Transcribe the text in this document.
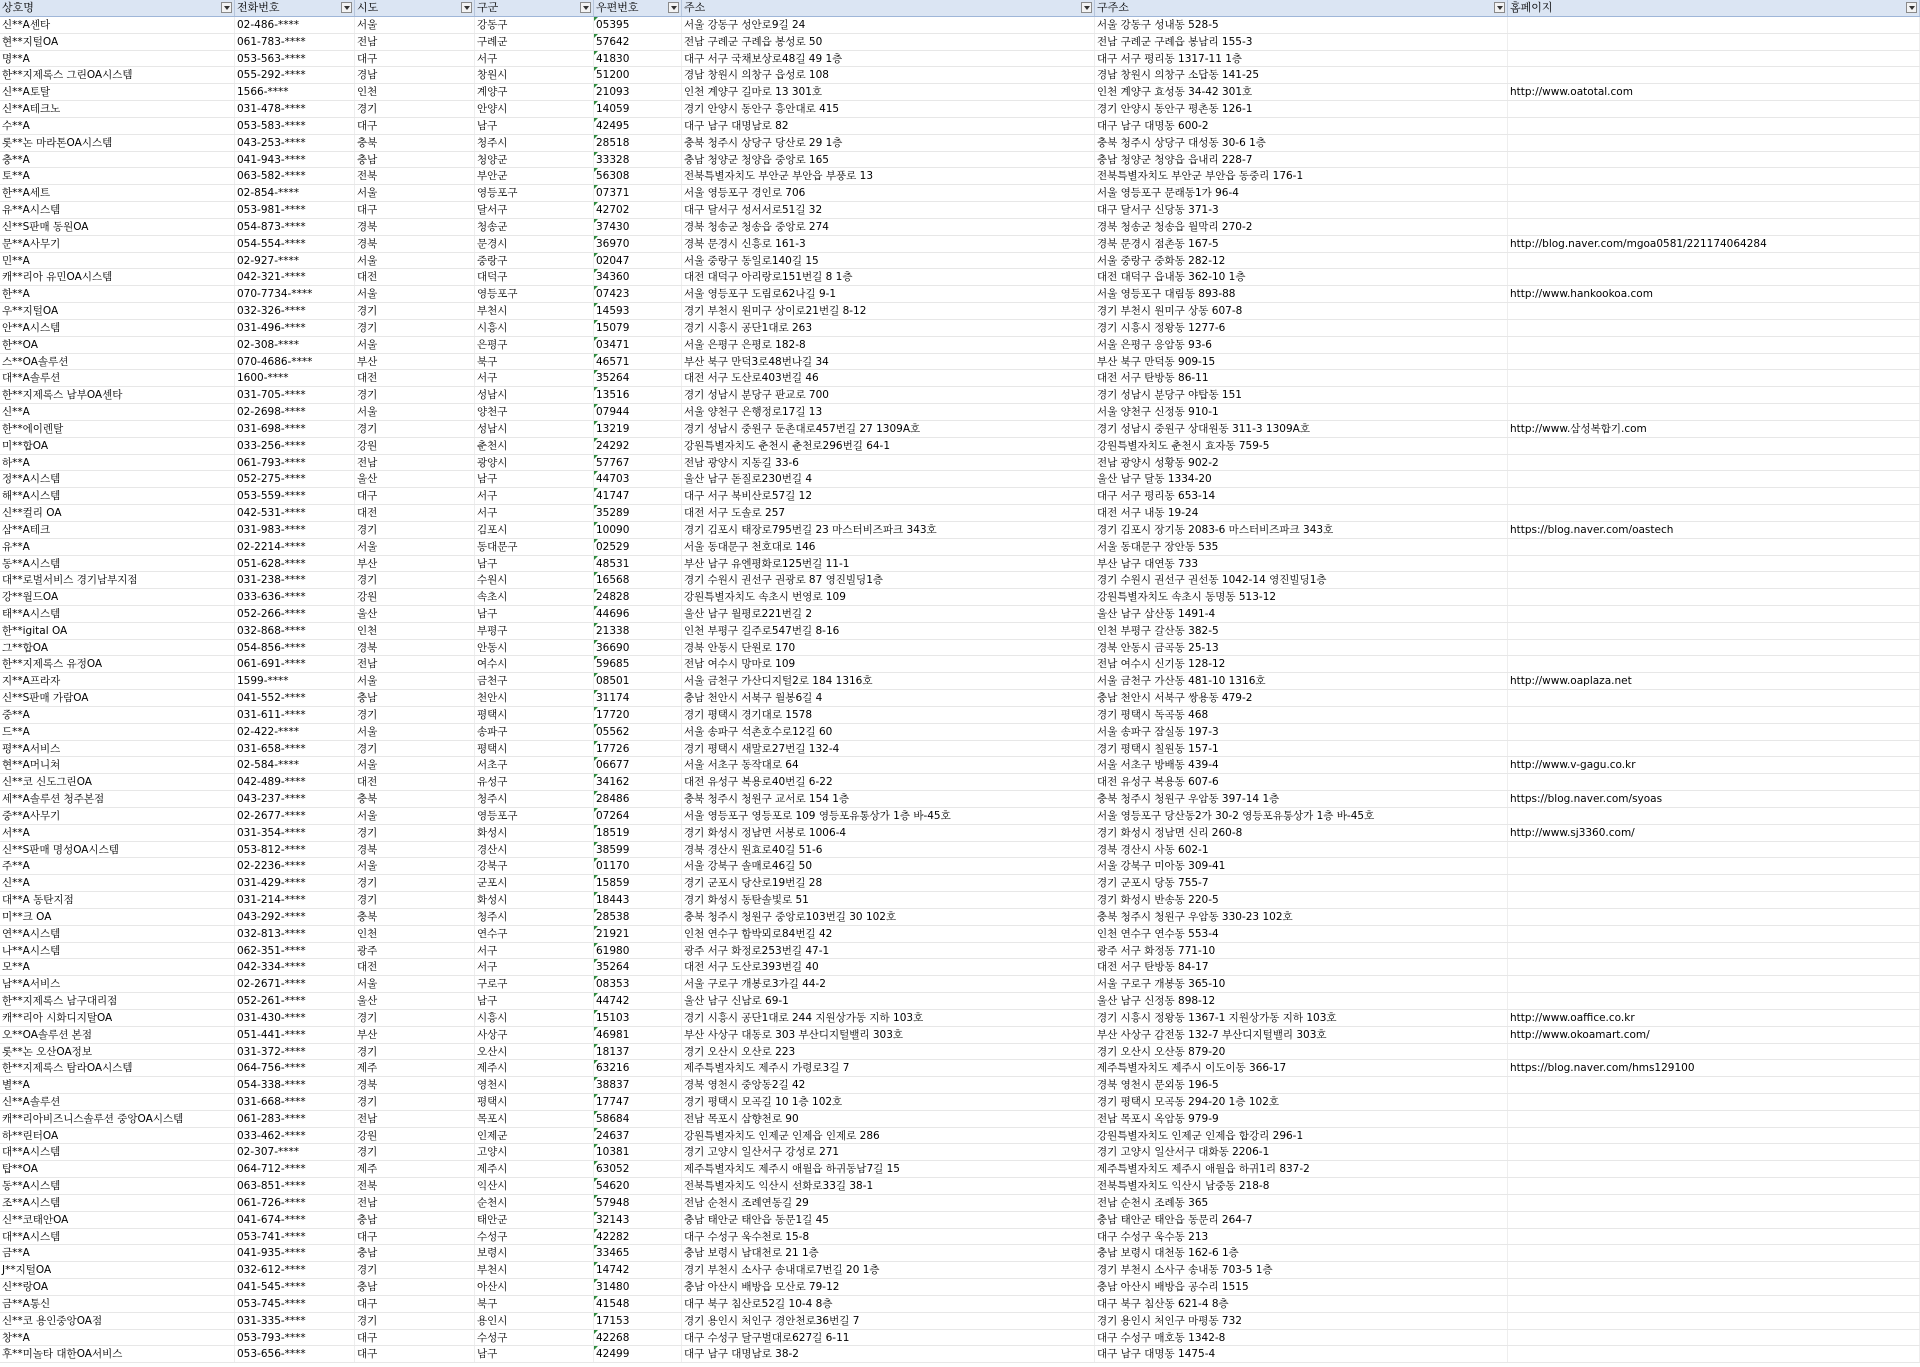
상호명	전화번호	시도	구군	우편번호	주소	구주소	홈페이지
신**A센타	02-486-****	서울	강동구	05395	서울 강동구 성안로9길 24	서울 강동구 성내동 528-5
현**지털OA	061-783-****	전남	구례군	57642	전남 구례군 구례읍 봉성로 50	전남 구례군 구례읍 봉남리 155-3
명**A	053-563-****	대구	서구	41830	대구 서구 국채보상로48길 49 1층	대구 서구 평리동 1317-11 1층
한**지제록스 그린OA시스템	055-292-****	경남	창원시	51200	경남 창원시 의창구 읍성로 108	경남 창원시 의창구 소답동 141-25
신**A토탈	1566-****	인천	계양구	21093	인천 계양구 길마로 13 301호	인천 계양구 효성동 34-42 301호	http://www.oatotal.com
신**A테크노	031-478-****	경기	안양시	14059	경기 안양시 동안구 흥안대로 415	경기 안양시 동안구 평촌동 126-1
수**A	053-583-****	대구	남구	42495	대구 남구 대명남로 82	대구 남구 대명동 600-2
롯**논 마라톤OA시스템	043-253-****	충북	청주시	28518	충북 청주시 상당구 당산로 29 1층	충북 청주시 상당구 대성동 30-6 1층
충**A	041-943-****	충남	청양군	33328	충남 청양군 청양읍 중앙로 165	충남 청양군 청양읍 읍내리 228-7
토**A	063-582-****	전북	부안군	56308	전북특별자치도 부안군 부안읍 부풍로 13	전북특별자치도 부안군 부안읍 동중리 176-1
한**A세트	02-854-****	서울	영등포구	07371	서울 영등포구 경인로 706	서울 영등포구 문래동1가 96-4
유**A시스템	053-981-****	대구	달서구	42702	대구 달서구 성서서로51길 32	대구 달서구 신당동 371-3
신**S판매 동원OA	054-873-****	경북	청송군	37430	경북 청송군 청송읍 중앙로 274	경북 청송군 청송읍 월막리 270-2
문**A사무기	054-554-****	경북	문경시	36970	경북 문경시 신흥로 161-3	경북 문경시 점촌동 167-5	http://blog.naver.com/mgoa0581/221174064284
민**A	02-927-****	서울	중랑구	02047	서울 중랑구 동일로140길 15	서울 중랑구 중화동 282-12
캐**리아 유민OA시스템	042-321-****	대전	대덕구	34360	대전 대덕구 아리랑로151번길 8 1층	대전 대덕구 읍내동 362-10 1층
한**A	070-7734-****	서울	영등포구	07423	서울 영등포구 도림로62나길 9-1	서울 영등포구 대림동 893-88	http://www.hankookoa.com
우**지털OA	032-326-****	경기	부천시	14593	경기 부천시 원미구 상이로21번길 8-12	경기 부천시 원미구 상동 607-8
안**A시스템	031-496-****	경기	시흥시	15079	경기 시흥시 공단1대로 263	경기 시흥시 정왕동 1277-6
한**OA	02-308-****	서울	은평구	03471	서울 은평구 은평로 182-8	서울 은평구 응암동 93-6
스**OA솔루션	070-4686-****	부산	북구	46571	부산 북구 만덕3로48번나길 34	부산 북구 만덕동 909-15
대**A솔루션	1600-****	대전	서구	35264	대전 서구 도산로403번길 46	대전 서구 탄방동 86-11
한**지제록스 남부OA센타	031-705-****	경기	성남시	13516	경기 성남시 분당구 판교로 700	경기 성남시 분당구 야탑동 151
신**A	02-2698-****	서울	양천구	07944	서울 양천구 은행정로17길 13	서울 양천구 신정동 910-1
한**에이렌탈	031-698-****	경기	성남시	13219	경기 성남시 중원구 둔촌대로457번길 27 1309A호	경기 성남시 중원구 상대원동 311-3 1309A호	http://www.삼성복합기.com
미**합OA	033-256-****	강원	춘천시	24292	강원특별자치도 춘천시 춘천로296번길 64-1	강원특별자치도 춘천시 효자동 759-5
하**A	061-793-****	전남	광양시	57767	전남 광양시 지동길 33-6	전남 광양시 성황동 902-2
정**A시스템	052-275-****	울산	남구	44703	울산 남구 돋질로230번길 4	울산 남구 달동 1334-20
해**A시스템	053-559-****	대구	서구	41747	대구 서구 북비산로57길 12	대구 서구 평리동 653-14
신**컬리 OA	042-531-****	대전	서구	35289	대전 서구 도솔로 257	대전 서구 내동 19-24
삼**A테크	031-983-****	경기	김포시	10090	경기 김포시 태장로795번길 23 마스터비즈파크 343호	경기 김포시 장기동 2083-6 마스터비즈파크 343호	https://blog.naver.com/oastech
유**A	02-2214-****	서울	동대문구	02529	서울 동대문구 천호대로 146	서울 동대문구 장안동 535
동**A시스템	051-628-****	부산	남구	48531	부산 남구 유엔평화로125번길 11-1	부산 남구 대연동 733
대**로벌서비스 경기남부지점	031-238-****	경기	수원시	16568	경기 수원시 권선구 권광로 87 영진빌딩1층	경기 수원시 권선구 권선동 1042-14 영진빌딩1층
강**월드OA	033-636-****	강원	속초시	24828	강원특별자치도 속초시 번영로 109	강원특별자치도 속초시 동명동 513-12
태**A시스템	052-266-****	울산	남구	44696	울산 남구 월평로221번길 2	울산 남구 삼산동 1491-4
한**igital OA	032-868-****	인천	부평구	21338	인천 부평구 길주로547번길 8-16	인천 부평구 갈산동 382-5
그**합OA	054-856-****	경북	안동시	36690	경북 안동시 단원로 170	경북 안동시 금곡동 25-13
한**지제록스 유정OA	061-691-****	전남	여수시	59685	전남 여수시 망마로 109	전남 여수시 신기동 128-12
지**A프라자	1599-****	서울	금천구	08501	서울 금천구 가산디지털2로 184 1316호	서울 금천구 가산동 481-10 1316호	http://www.oaplaza.net
신**S판매 가람OA	041-552-****	충남	천안시	31174	충남 천안시 서북구 월봉6길 4	충남 천안시 서북구 쌍용동 479-2
중**A	031-611-****	경기	평택시	17720	경기 평택시 경기대로 1578	경기 평택시 독곡동 468
드**A	02-422-****	서울	송파구	05562	서울 송파구 석촌호수로12길 60	서울 송파구 잠실동 197-3
평**A서비스	031-658-****	경기	평택시	17726	경기 평택시 새말로27번길 132-4	경기 평택시 칠원동 157-1
현**A머니쳐	02-584-****	서울	서초구	06677	서울 서초구 동작대로 64	서울 서초구 방배동 439-4	http://www.v-gagu.co.kr
신**코 신도그린OA	042-489-****	대전	유성구	34162	대전 유성구 복용로40번길 6-22	대전 유성구 복용동 607-6
세**A솔루션 청주본점	043-237-****	충북	청주시	28486	충북 청주시 청원구 교서로 154 1층	충북 청주시 청원구 우암동 397-14 1층	https://blog.naver.com/syoas
중**A사무기	02-2677-****	서울	영등포구	07264	서울 영등포구 영등포로 109 영등포유통상가 1층 바-45호	서울 영등포구 당산동2가 30-2 영등포유통상가 1층 바-45호
서**A	031-354-****	경기	화성시	18519	경기 화성시 정남면 서봉로 1006-4	경기 화성시 정남면 신리 260-8	http://www.sj3360.com/
신**S판매 명성OA시스템	053-812-****	경북	경산시	38599	경북 경산시 원효로40길 51-6	경북 경산시 사동 602-1
주**A	02-2236-****	서울	강북구	01170	서울 강북구 솔매로46길 50	서울 강북구 미아동 309-41
신**A	031-429-****	경기	군포시	15859	경기 군포시 당산로19번길 28	경기 군포시 당동 755-7
대**A 동탄지점	031-214-****	경기	화성시	18443	경기 화성시 동탄솔빛로 51	경기 화성시 반송동 220-5
미**크 OA	043-292-****	충북	청주시	28538	충북 청주시 청원구 중앙로103번길 30 102호	충북 청주시 청원구 우암동 330-23 102호
연**A시스템	032-813-****	인천	연수구	21921	인천 연수구 함박뫼로84번길 42	인천 연수구 연수동 553-4
나**A시스템	062-351-****	광주	서구	61980	광주 서구 화정로253번길 47-1	광주 서구 화정동 771-10
모**A	042-334-****	대전	서구	35264	대전 서구 도산로393번길 40	대전 서구 탄방동 84-17
남**A서비스	02-2671-****	서울	구로구	08353	서울 구로구 개봉로3가길 44-2	서울 구로구 개봉동 365-10
한**지제록스 남구대리점	052-261-****	울산	남구	44742	울산 남구 신남로 69-1	울산 남구 신정동 898-12
캐**리아 시화디지탈OA	031-430-****	경기	시흥시	15103	경기 시흥시 공단1대로 244 지원상가동 지하 103호	경기 시흥시 정왕동 1367-1 지원상가동 지하 103호	http://www.oaffice.co.kr
오**OA솔루션 본점	051-441-****	부산	사상구	46981	부산 사상구 대동로 303 부산디지털밸리 303호	부산 사상구 감전동 132-7 부산디지털밸리 303호	http://www.okoamart.com/
롯**논 오산OA정보	031-372-****	경기	오산시	18137	경기 오산시 오산로 223	경기 오산시 오산동 879-20
한**지제록스 탐라OA시스템	064-756-****	제주	제주시	63216	제주특별자치도 제주시 가령로3길 7	제주특별자치도 제주시 이도이동 366-17	https://blog.naver.com/hms129100
별**A	054-338-****	경북	영천시	38837	경북 영천시 중앙동2길 42	경북 영천시 문외동 196-5
신**A솔루션	031-668-****	경기	평택시	17747	경기 평택시 모곡길 10 1층 102호	경기 평택시 모곡동 294-20 1층 102호
캐**리아비즈니스솔루션 중앙OA시스템	061-283-****	전남	목포시	58684	전남 목포시 삼향천로 90	전남 목포시 옥암동 979-9
하**린터OA	033-462-****	강원	인제군	24637	강원특별자치도 인제군 인제읍 인제로 286	강원특별자치도 인제군 인제읍 합강리 296-1
대**A시스템	02-307-****	경기	고양시	10381	경기 고양시 일산서구 강성로 271	경기 고양시 일산서구 대화동 2206-1
탑**OA	064-712-****	제주	제주시	63052	제주특별자치도 제주시 애월읍 하귀동남7길 15	제주특별자치도 제주시 애월읍 하귀1리 837-2
동**A시스템	063-851-****	전북	익산시	54620	전북특별자치도 익산시 선화로33길 38-1	전북특별자치도 익산시 남중동 218-8
조**A시스템	061-726-****	전남	순천시	57948	전남 순천시 조례연동길 29	전남 순천시 조례동 365
신**코태안OA	041-674-****	충남	태안군	32143	충남 태안군 태안읍 동문1길 45	충남 태안군 태안읍 동문리 264-7
대**A시스템	053-741-****	대구	수성구	42282	대구 수성구 욱수천로 15-8	대구 수성구 욱수동 213
금**A	041-935-****	충남	보령시	33465	충남 보령시 남대천로 21 1층	충남 보령시 대천동 162-6 1층
J**지털OA	032-612-****	경기	부천시	14742	경기 부천시 소사구 송내대로7번길 20 1층	경기 부천시 소사구 송내동 703-5 1층
신**랑OA	041-545-****	충남	아산시	31480	충남 아산시 배방읍 모산로 79-12	충남 아산시 배방읍 공수리 1515
금**A통신	053-745-****	대구	북구	41548	대구 북구 침산로52길 10-4 8층	대구 북구 침산동 621-4 8층
신**코 용인중앙OA점	031-335-****	경기	용인시	17153	경기 용인시 처인구 경안천로36번길 7	경기 용인시 처인구 마평동 732
창**A	053-793-****	대구	수성구	42268	대구 수성구 달구벌대로627길 6-11	대구 수성구 매호동 1342-8
후**미놀타 대한OA서비스	053-656-****	대구	남구	42499	대구 남구 대명남로 38-2	대구 남구 대명동 1475-4
